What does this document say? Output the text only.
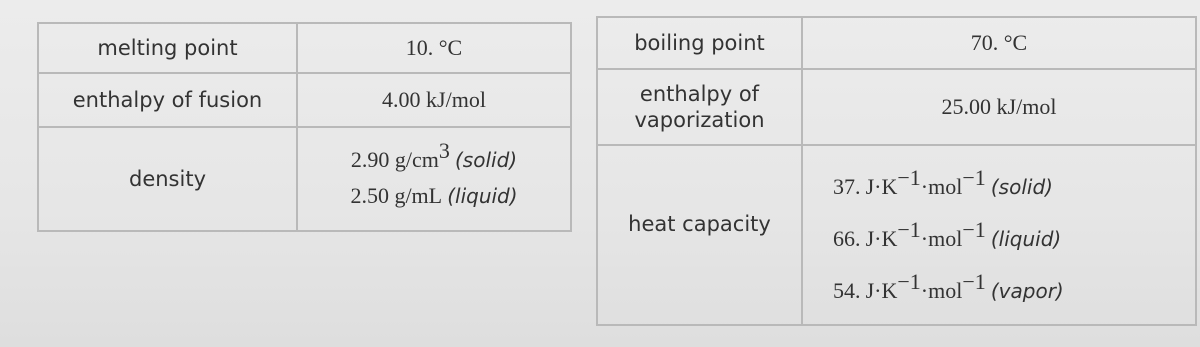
melting point	10. °C
enthalpy of fusion	4.00 kJ/mol
density	2.90 $g/cm^3$ (solid)
2.50 g/mL (liquid)
boiling point	70. °C

enthalpy of
vaporization	25.00 kJ/mol
heat capacity	37. $J\cdot K^{-1}\cdot mol^{-1}$ (solid)
66. $J\cdot K^{-1}\cdot mol^{-1}$ (liquid)
54. $J\cdot K^{-1}\cdot mol^{-1}$ (vapor)
